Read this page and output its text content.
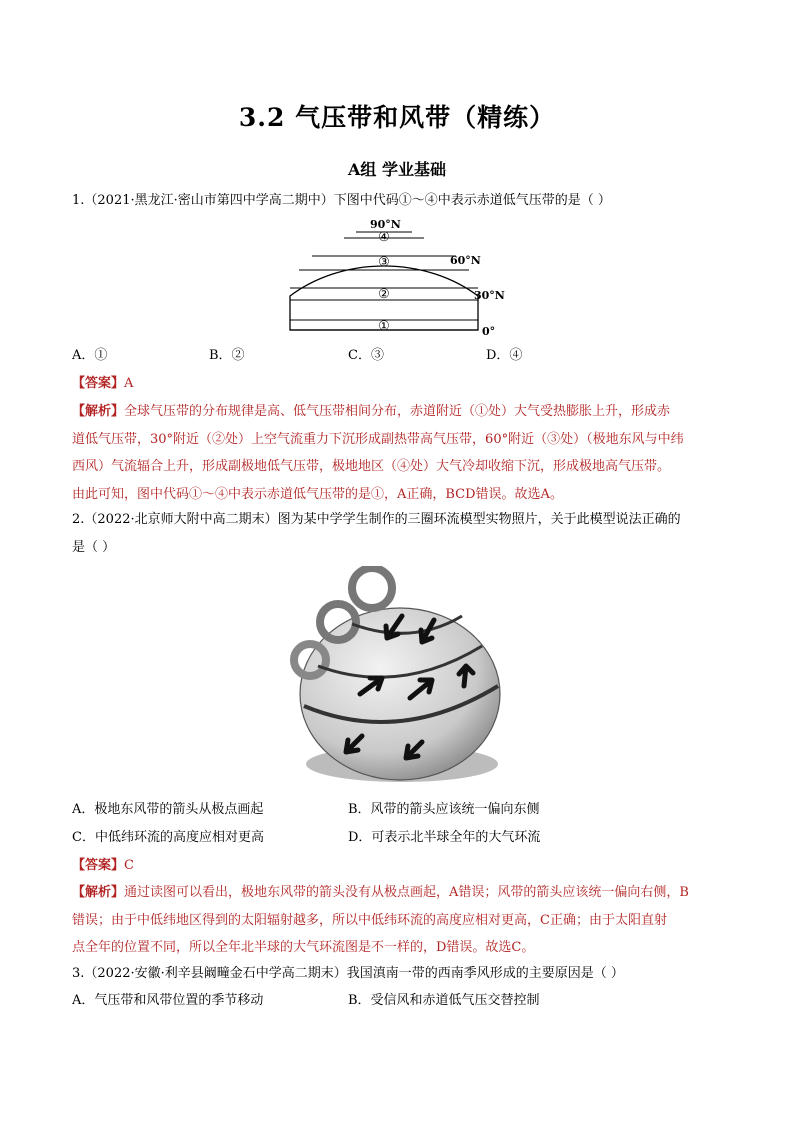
3.2 气压带和风带（精练）
A组 学业基础
1.（2021·黑龙江·密山市第四中学高二期中）下图中代码①～④中表示赤道低气压带的是（ ）
④
③
②
①
90°N
60°N
30°N
0°
A．①	B．②	C．③	D．④
【答案】A
【解析】全球气压带的分布规律是高、低气压带相间分布，赤道附近（①处）大气受热膨胀上升，形成赤
道低气压带，30°附近（②处）上空气流重力下沉形成副热带高气压带，60°附近（③处）（极地东风与中纬
西风）气流辐合上升，形成副极地低气压带，极地地区（④处）大气冷却收缩下沉，形成极地高气压带。
由此可知，图中代码①～④中表示赤道低气压带的是①，A正确，BCD错误。故选A。
2.（2022·北京师大附中高二期末）图为某中学学生制作的三圈环流模型实物照片，关于此模型说法正确的
是（ ）
A．极地东风带的箭头从极点画起	B．风带的箭头应该统一偏向东侧
C．中低纬环流的高度应相对更高	D．可表示北半球全年的大气环流
【答案】C
【解析】通过读图可以看出，极地东风带的箭头没有从极点画起，A错误；风带的箭头应该统一偏向右侧，B
错误；由于中低纬地区得到的太阳辐射越多，所以中低纬环流的高度应相对更高，C正确；由于太阳直射
点全年的位置不同，所以全年北半球的大气环流图是不一样的，D错误。故选C。
3.（2022·安徽·利辛县阚疃金石中学高二期末）我国滇南一带的西南季风形成的主要原因是（ ）
A．气压带和风带位置的季节移动	B．受信风和赤道低气压交替控制
